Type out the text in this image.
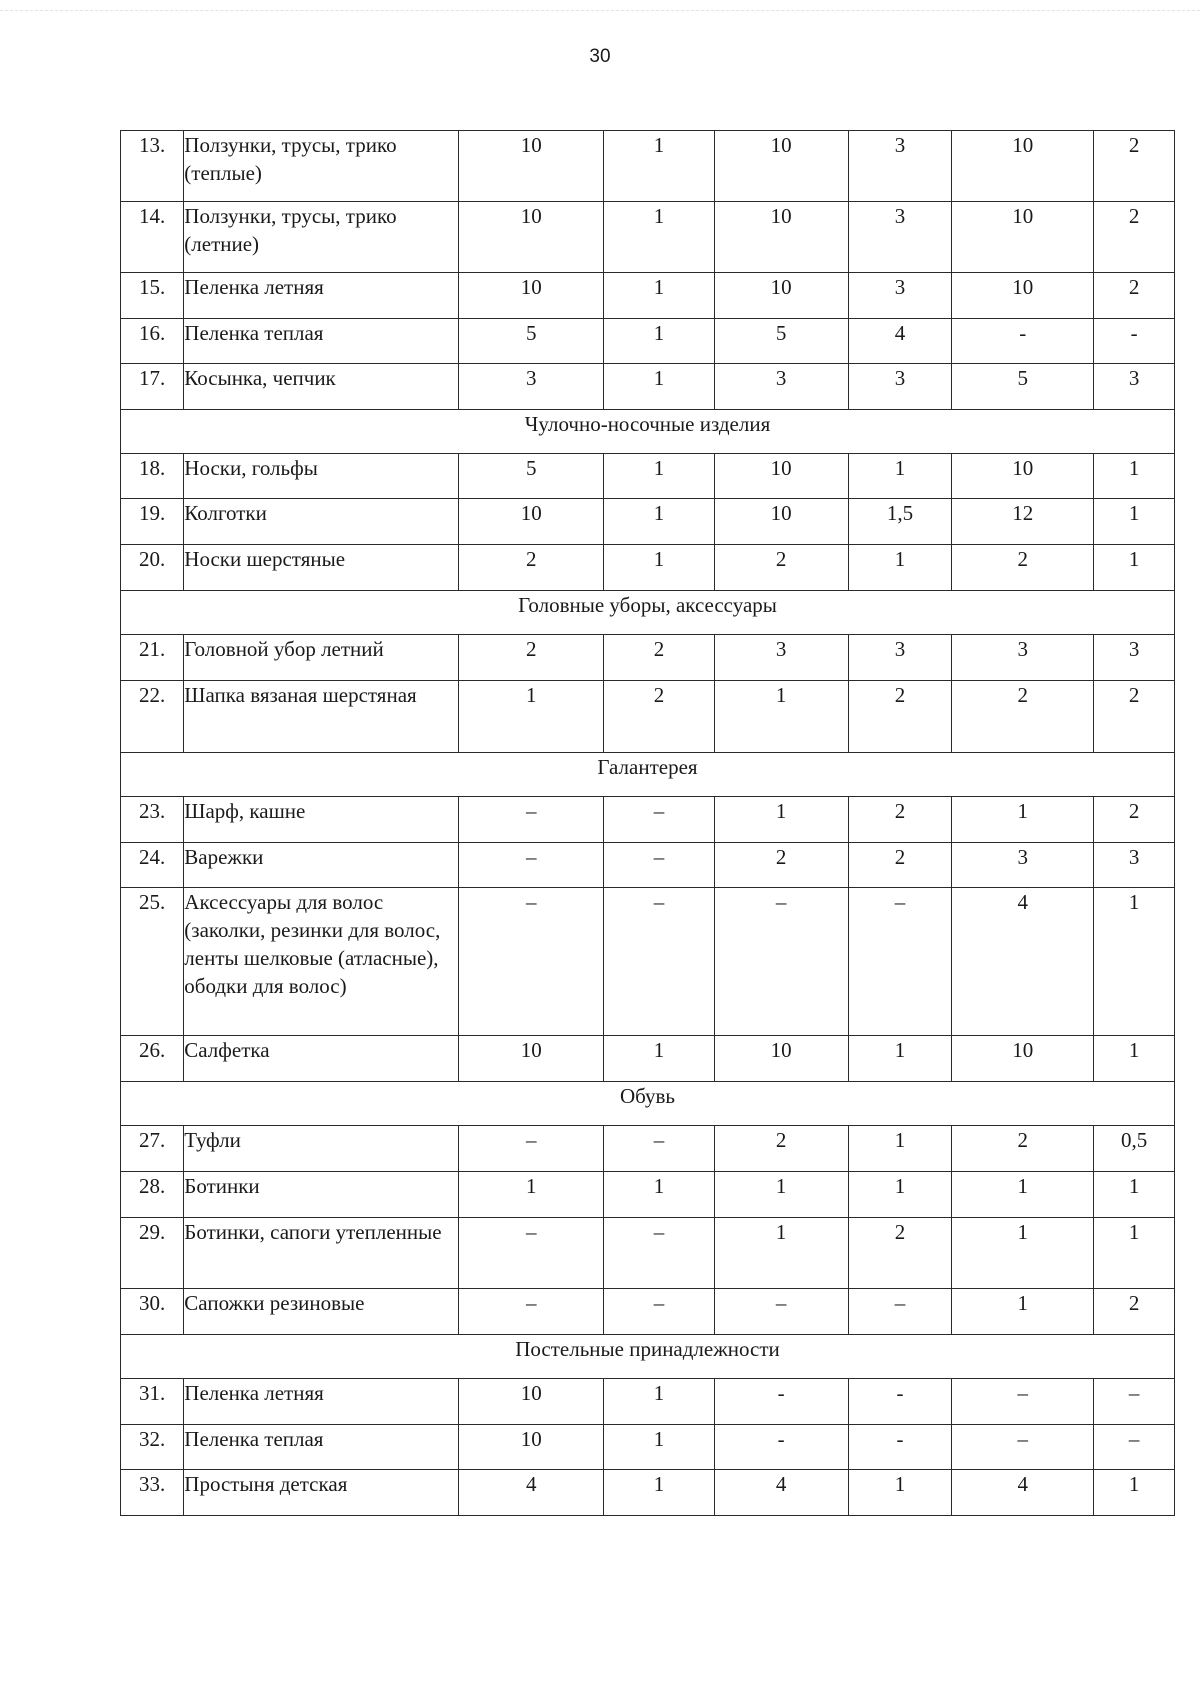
30
13.	Ползунки, трусы, трико (теплые)	10	1	10	3	10	2
14.	Ползунки, трусы, трико (летние)	10	1	10	3	10	2
15.	Пеленка летняя	10	1	10	3	10	2
16.	Пеленка теплая	5	1	5	4	-	-
17.	Косынка, чепчик	3	1	3	3	5	3
Чулочно-носочные изделия							
18.	Носки, гольфы	5	1	10	1	10	1
19.	Колготки	10	1	10	1,5	12	1
20.	Носки шерстяные	2	1	2	1	2	1
Головные уборы, аксессуары							
21.	Головной убор летний	2	2	3	3	3	3
22.	Шапка вязаная шерстяная	1	2	1	2	2	2
Галантерея							
23.	Шарф, кашне	–	–	1	2	1	2
24.	Варежки	–	–	2	2	3	3
25.	Аксессуары для волос (заколки, резинки для волос, ленты шелковые (атласные), ободки для волос)	–	–	–	–	4	1
26.	Салфетка	10	1	10	1	10	1
Обувь							
27.	Туфли	–	–	2	1	2	0,5
28.	Ботинки	1	1	1	1	1	1
29.	Ботинки, сапоги утепленные	–	–	1	2	1	1
30.	Сапожки резиновые	–	–	–	–	1	2
Постельные принадлежности							
31.	Пеленка летняя	10	1	-	-	–	–
32.	Пеленка теплая	10	1	-	-	–	–
33.	Простыня детская	4	1	4	1	4	1
